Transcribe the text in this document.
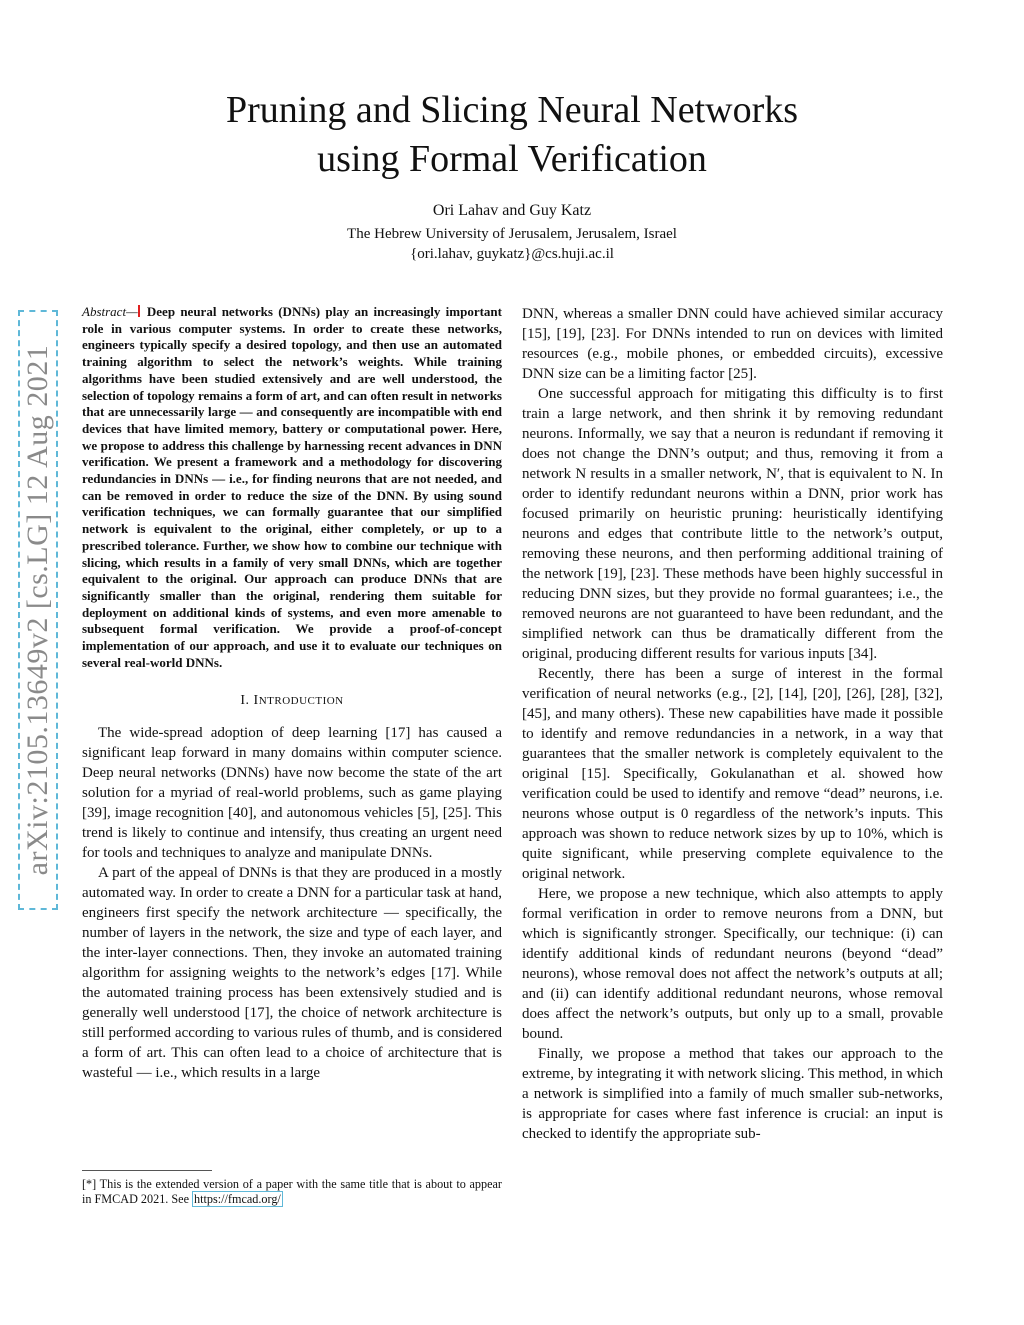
arXiv:2105.13649v2 [cs.LG] 12 Aug 2021
Pruning and Slicing Neural Networks
using Formal Verification
Ori Lahav and Guy Katz
The Hebrew University of Jerusalem, Jerusalem, Israel
{ori.lahav, guykatz}@cs.huji.ac.il
Abstract— Deep neural networks (DNNs) play an increasingly important role in various computer systems. In order to create these networks, engineers typically specify a desired topology, and then use an automated training algorithm to select the network’s weights. While training algorithms have been studied extensively and are well understood, the selection of topology remains a form of art, and can often result in networks that are unnecessarily large — and consequently are incompatible with end devices that have limited memory, battery or computational power. Here, we propose to address this challenge by harnessing recent advances in DNN verification. We present a framework and a methodology for discovering redundancies in DNNs — i.e., for finding neurons that are not needed, and can be removed in order to reduce the size of the DNN. By using sound verification techniques, we can formally guarantee that our simplified network is equivalent to the original, either completely, or up to a prescribed tolerance. Further, we show how to combine our technique with slicing, which results in a family of very small DNNs, which are together equivalent to the original. Our approach can produce DNNs that are significantly smaller than the original, rendering them suitable for deployment on additional kinds of systems, and even more amenable to subsequent formal verification. We provide a proof-of-concept implementation of our approach, and use it to evaluate our techniques on several real-world DNNs.
I. INTRODUCTION

The wide-spread adoption of deep learning [17] has caused a significant leap forward in many domains within computer science. Deep neural networks (DNNs) have now become the state of the art solution for a myriad of real-world problems, such as game playing [39], image recognition [40], and autonomous vehicles [5], [25]. This trend is likely to continue and intensify, thus creating an urgent need for tools and techniques to analyze and manipulate DNNs.

A part of the appeal of DNNs is that they are produced in a mostly automated way. In order to create a DNN for a particular task at hand, engineers first specify the network architecture — specifically, the number of layers in the network, the size and type of each layer, and the inter-layer connections. Then, they invoke an automated training algorithm for assigning weights to the network’s edges [17]. While the automated training process has been extensively studied and is generally well understood [17], the choice of network architecture is still performed according to various rules of thumb, and is considered a form of art. This can often lead to a choice of architecture that is wasteful — i.e., which results in a large

[*] This is the extended version of a paper with the same title that is about to appear in FMCAD 2021. See https://fmcad.org/

DNN, whereas a smaller DNN could have achieved similar accuracy [15], [19], [23]. For DNNs intended to run on devices with limited resources (e.g., mobile phones, or embedded circuits), excessive DNN size can be a limiting factor [25].

One successful approach for mitigating this difficulty is to first train a large network, and then shrink it by removing redundant neurons. Informally, we say that a neuron is redundant if removing it does not change the DNN’s output; and thus, removing it from a network N results in a smaller network, N′, that is equivalent to N. In order to identify redundant neurons within a DNN, prior work has focused primarily on heuristic pruning: heuristically identifying neurons and edges that contribute little to the network’s output, removing these neurons, and then performing additional training of the network [19], [23]. These methods have been highly successful in reducing DNN sizes, but they provide no formal guarantees; i.e., the removed neurons are not guaranteed to have been redundant, and the simplified network can thus be dramatically different from the original, producing different results for various inputs [34].

Recently, there has been a surge of interest in the formal verification of neural networks (e.g., [2], [14], [20], [26], [28], [32], [45], and many others). These new capabilities have made it possible to identify and remove redundancies in a network, in a way that guarantees that the smaller network is completely equivalent to the original [15]. Specifically, Gokulanathan et al. showed how verification could be used to identify and remove “dead” neurons, i.e. neurons whose output is 0 regardless of the network’s inputs. This approach was shown to reduce network sizes by up to 10%, which is quite significant, while preserving complete equivalence to the original network.

Here, we propose a new technique, which also attempts to apply formal verification in order to remove neurons from a DNN, but which is significantly stronger. Specifically, our technique: (i) can identify additional kinds of redundant neurons (beyond “dead” neurons), whose removal does not affect the network’s outputs at all; and (ii) can identify additional redundant neurons, whose removal does affect the network’s outputs, but only up to a small, provable bound.

Finally, we propose a method that takes our approach to the extreme, by integrating it with network slicing. This method, in which a network is simplified into a family of much smaller sub-networks, is appropriate for cases where fast inference is crucial: an input is checked to identify the appropriate sub-
